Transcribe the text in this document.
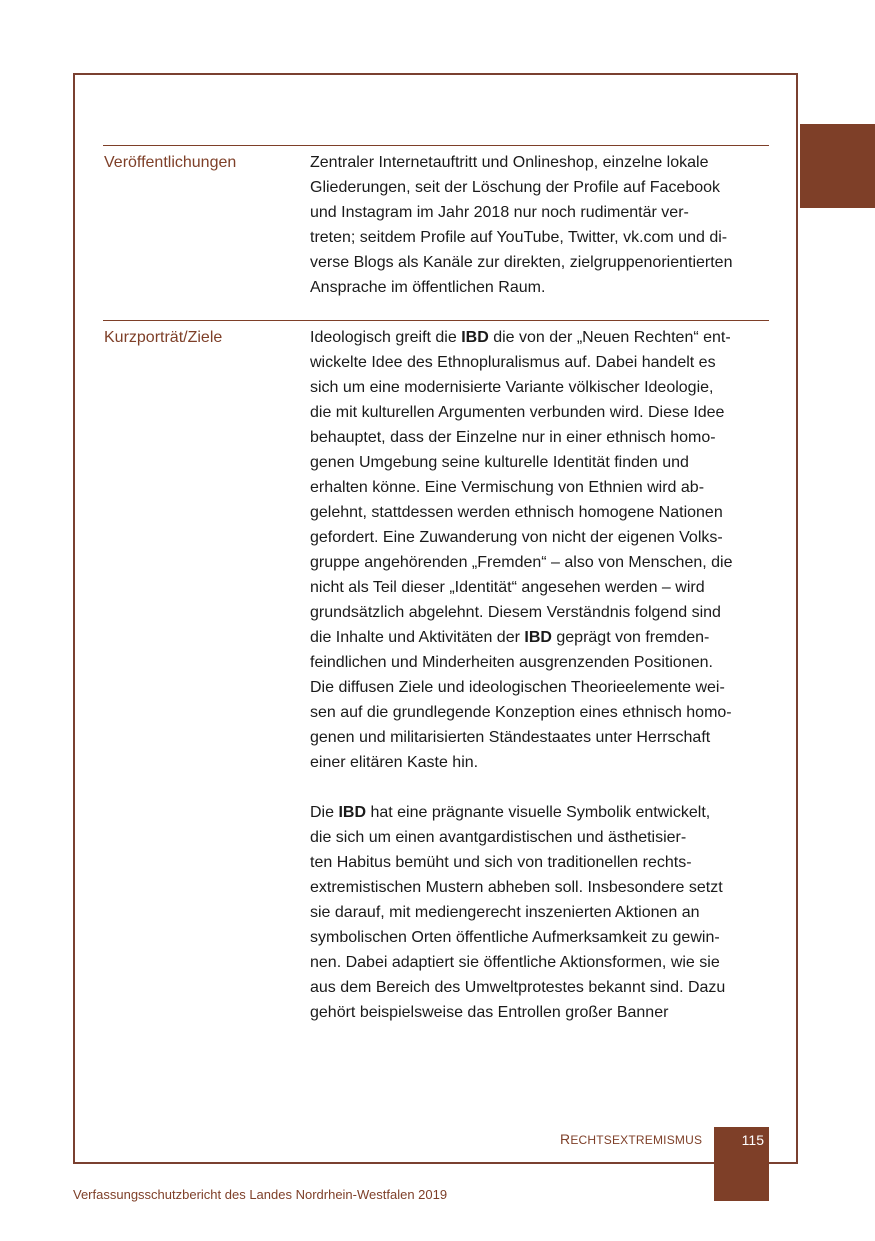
Veröffentlichungen	Zentraler Internetauftritt und Onlineshop, einzelne lokale
Gliederungen, seit der Löschung der Profile auf Facebook
und Instagram im Jahr 2018 nur noch rudimentär ver-
treten; seitdem Profile auf YouTube, Twitter, vk.com und di-
verse Blogs als Kanäle zur direkten, zielgruppenorientierten
Ansprache im öffentlichen Raum.
Kurzporträt/Ziele	Ideologisch greift die IBD die von der „Neuen Rechten“ ent-
wickelte Idee des Ethnopluralismus auf. Dabei handelt es
sich um eine modernisierte Variante völkischer Ideologie,
die mit kulturellen Argumenten verbunden wird. Diese Idee
behauptet, dass der Einzelne nur in einer ethnisch homo-
genen Umgebung seine kulturelle Identität finden und
erhalten könne. Eine Vermischung von Ethnien wird ab-
gelehnt, stattdessen werden ethnisch homogene Nationen
gefordert. Eine Zuwanderung von nicht der eigenen Volks-
gruppe angehörenden „Fremden“ – also von Menschen, die
nicht als Teil dieser „Identität“ angesehen werden – wird
grundsätzlich abgelehnt. Diesem Verständnis folgend sind
die Inhalte und Aktivitäten der IBD geprägt von fremden-
feindlichen und Minderheiten ausgrenzenden Positionen.
Die diffusen Ziele und ideologischen Theorieelemente wei-
sen auf die grundlegende Konzeption eines ethnisch homo-
genen und militarisierten Ständestaates unter Herrschaft
einer elitären Kaste hin.
Die IBD hat eine prägnante visuelle Symbolik entwickelt,
die sich um einen avantgardistischen und ästhetisier-
ten Habitus bemüht und sich von traditionellen rechts-
extremistischen Mustern abheben soll. Insbesondere setzt
sie darauf, mit mediengerecht inszenierten Aktionen an
symbolischen Orten öffentliche Aufmerksamkeit zu gewin-
nen. Dabei adaptiert sie öffentliche Aktionsformen, wie sie
aus dem Bereich des Umweltprotestes bekannt sind. Dazu
gehört beispielsweise das Entrollen großer Banner
RECHTSEXTREMISMUS	115
Verfassungsschutzbericht des Landes Nordrhein-Westfalen 2019
